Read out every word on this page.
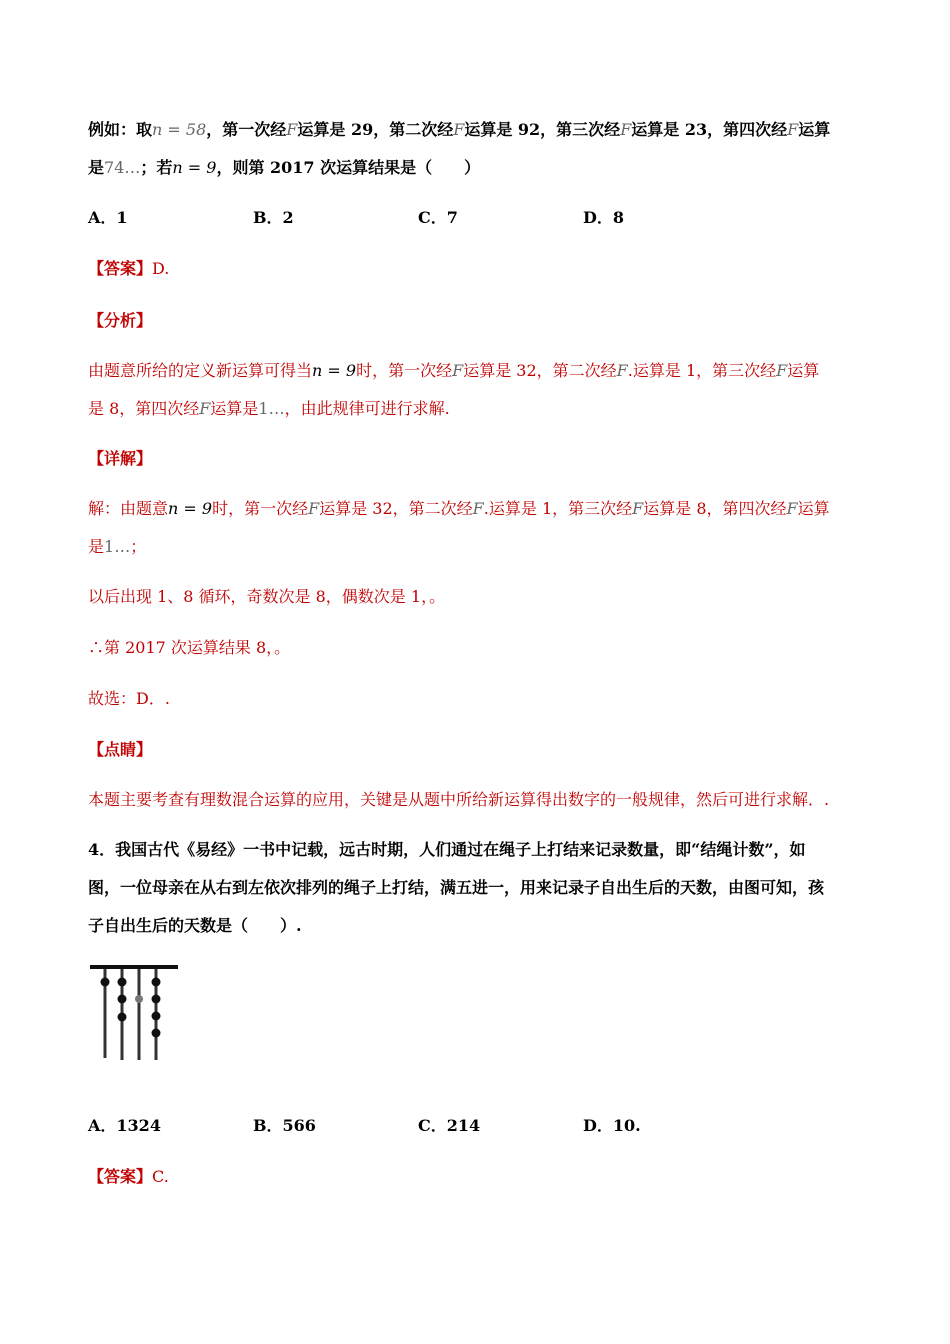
例如：取n = 58，第一次经F运算是 29，第二次经F运算是 92，第三次经F运算是 23，第四次经F运算
是74…；若n = 9，则第 2017 次运算结果是（　　）
A．1	B．2	C．7	D．8
【答案】D.
【分析】
由题意所给的定义新运算可得当n = 9时，第一次经F运算是 32，第二次经F.运算是 1，第三次经F运算
是 8，第四次经F运算是1…，由此规律可进行求解.
【详解】
解：由题意n = 9时，第一次经F运算是 32，第二次经F.运算是 1，第三次经F运算是 8，第四次经F运算
是1…；
以后出现 1、8 循环，奇数次是 8，偶数次是 1，。
∴第 2017 次运算结果 8，。
故选：D．.
【点睛】
本题主要考查有理数混合运算的应用，关键是从题中所给新运算得出数字的一般规律，然后可进行求解．.
4．我国古代《易经》一书中记载，远古时期，人们通过在绳子上打结来记录数量，即“结绳计数”，如
图，一位母亲在从右到左依次排列的绳子上打结，满五进一，用来记录子自出生后的天数，由图可知，孩
子自出生后的天数是（　　）.
A．1324	B．566	C．214	D．10.
【答案】C.
